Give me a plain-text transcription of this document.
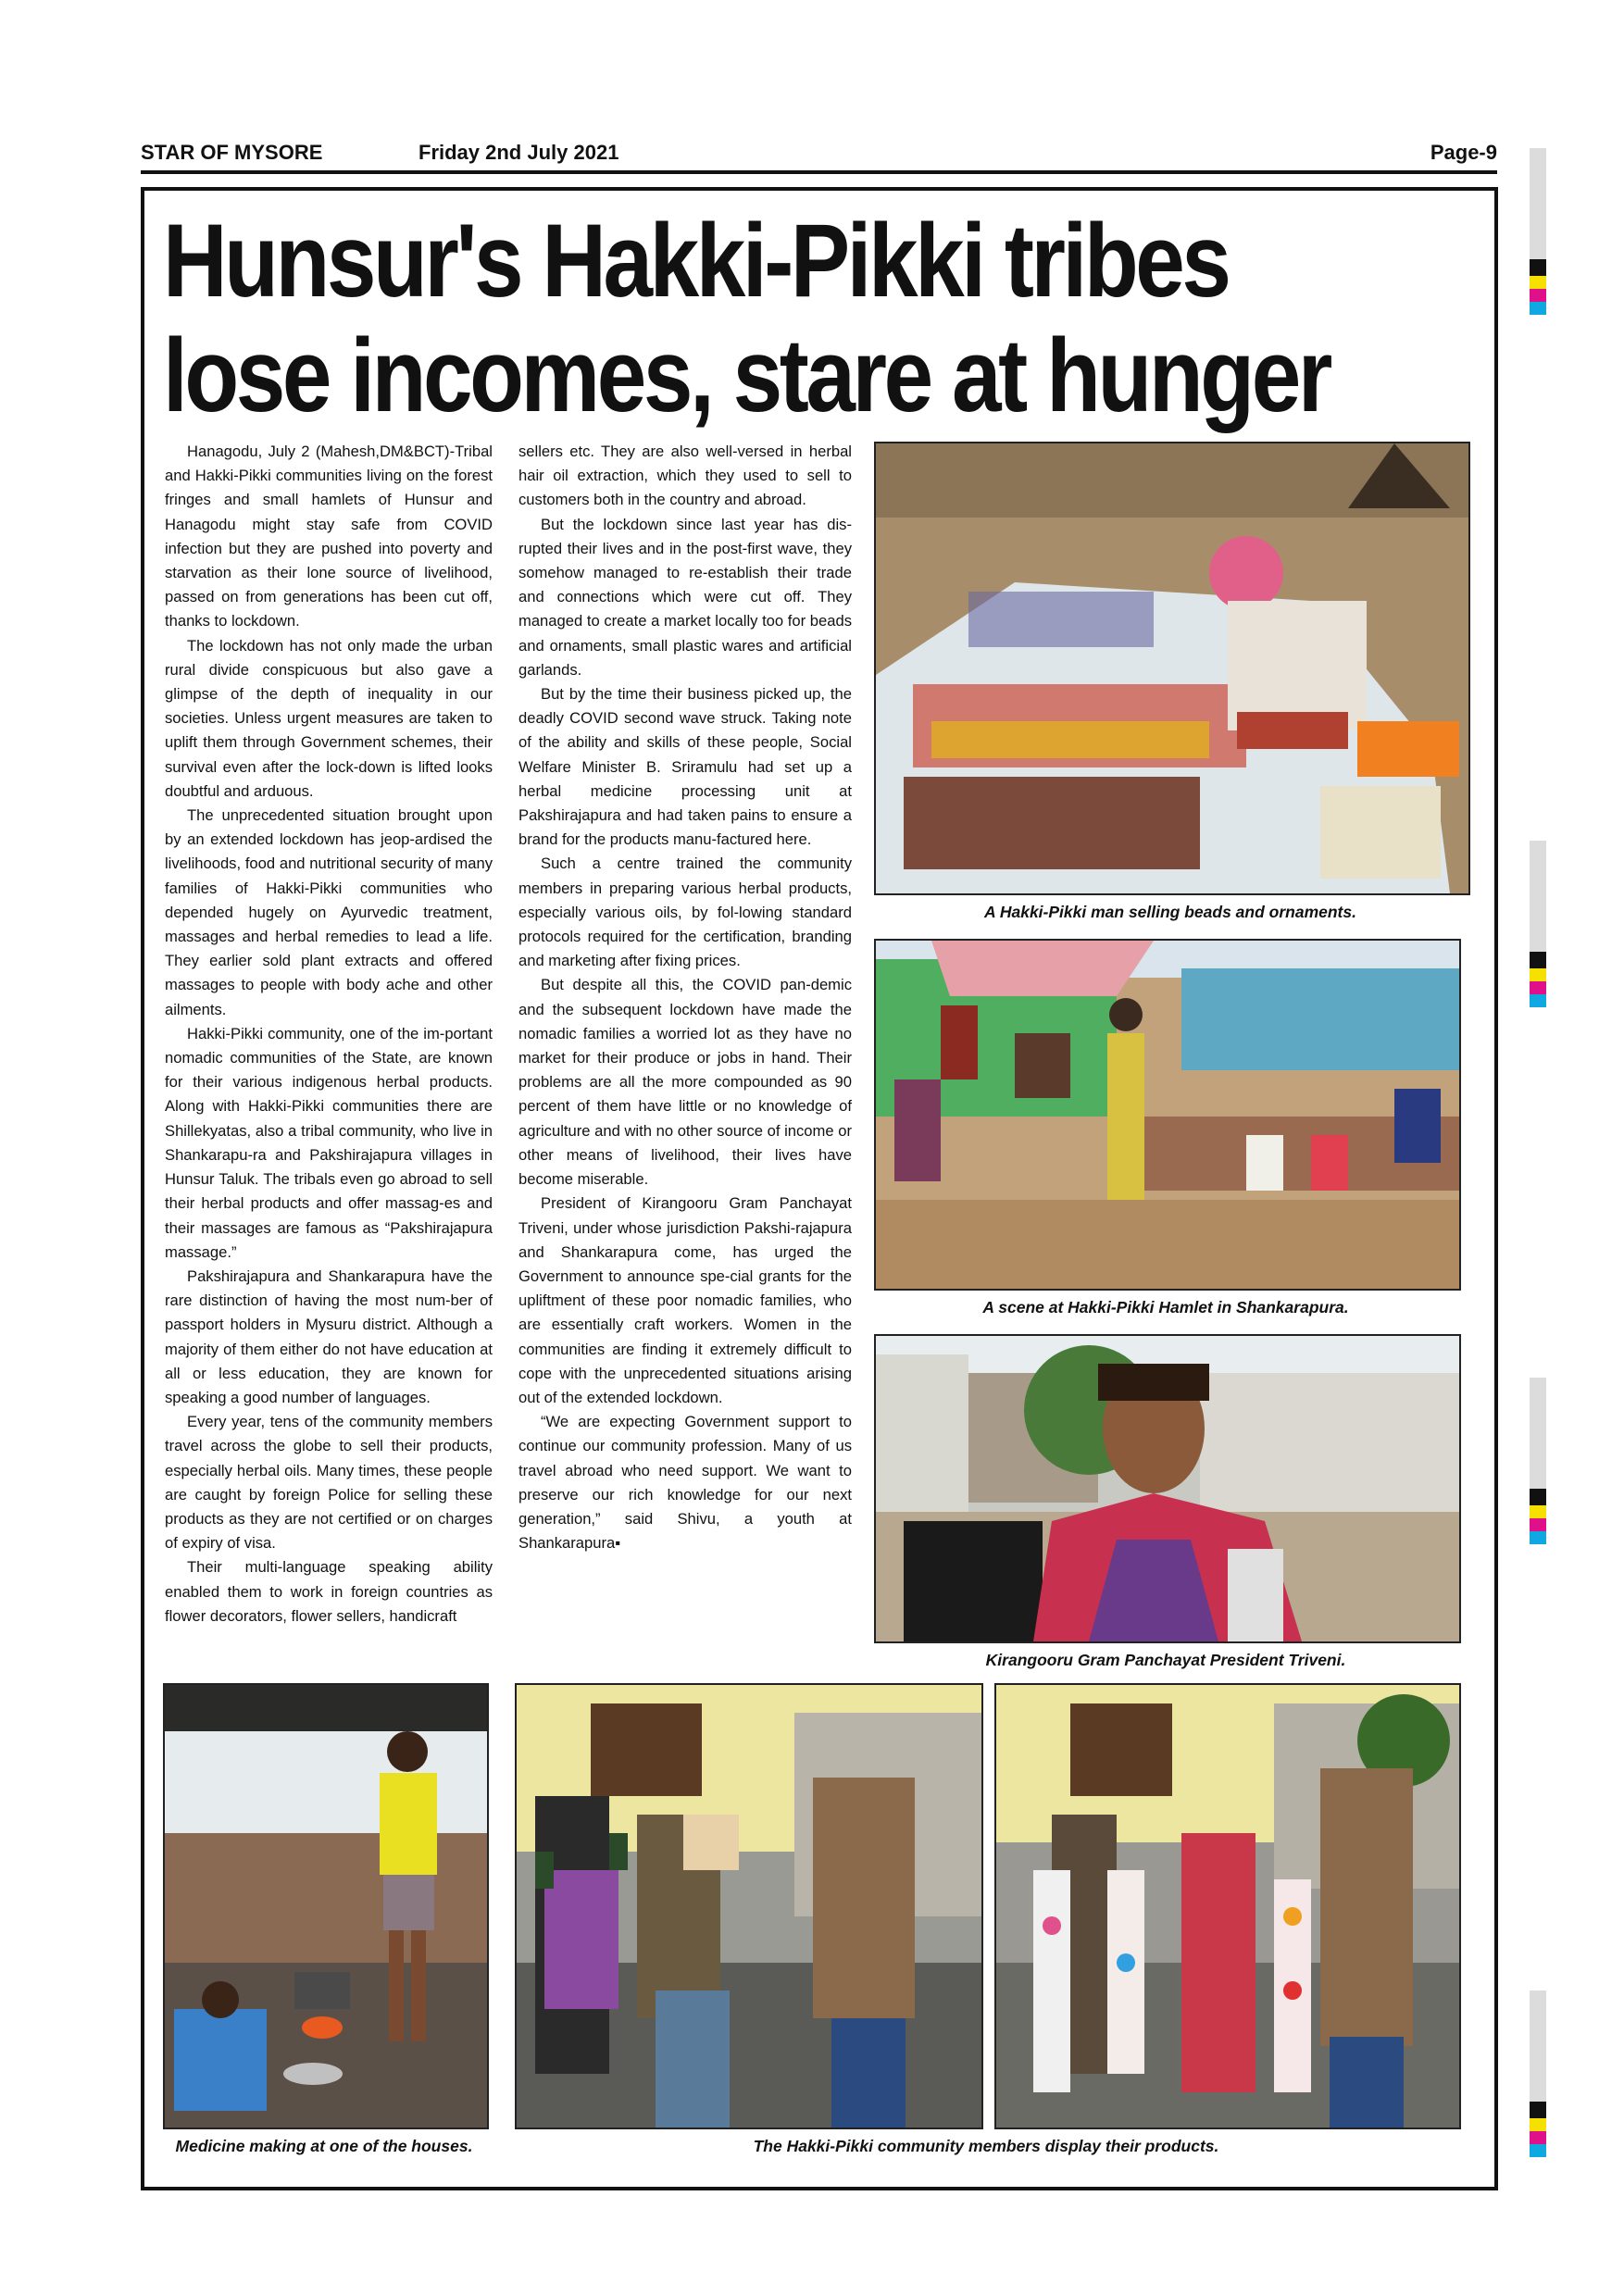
STAR OF MYSORE	Friday 2nd July 2021	Page-9
Hunsur's Hakki-Pikki tribes
lose incomes, stare at hunger

Hanagodu, July 2 (Mahesh,DM&BCT)-Tribal and Hakki-Pikki communities living on the forest fringes and small hamlets of Hunsur and Hanagodu might stay safe from COVID infection but they are pushed into poverty and starvation as their lone source of livelihood, passed on from generations has been cut off, thanks to lockdown.

The lockdown has not only made the urban rural divide conspicuous but also gave a glimpse of the depth of inequality in our societies. Unless urgent measures are taken to uplift them through Government schemes, their survival even after the lock-down is lifted looks doubtful and arduous.

The unprecedented situation brought upon by an extended lockdown has jeop-ardised the livelihoods, food and nutritional security of many families of Hakki-Pikki communities who depended hugely on Ayurvedic treatment, massages and herbal remedies to lead a life. They earlier sold plant extracts and offered massages to people with body ache and other ailments.

Hakki-Pikki community, one of the im-portant nomadic communities of the State, are known for their various indigenous herbal products. Along with Hakki-Pikki communities there are Shillekyatas, also a tribal community, who live in Shankarapu-ra and Pakshirajapura villages in Hunsur Taluk. The tribals even go abroad to sell their herbal products and offer massag-es and their massages are famous as “Pakshirajapura massage.”

Pakshirajapura and Shankarapura have the rare distinction of having the most num-ber of passport holders in Mysuru district. Although a majority of them either do not have education at all or less education, they are known for speaking a good number of languages.

Every year, tens of the community members travel across the globe to sell their products, especially herbal oils. Many times, these people are caught by foreign Police for selling these products as they are not certified or on charges of expiry of visa.

Their multi-language speaking ability enabled them to work in foreign countries as flower decorators, flower sellers, handicraft

sellers etc. They are also well-versed in herbal hair oil extraction, which they used to sell to customers both in the country and abroad.

But the lockdown since last year has dis-rupted their lives and in the post-first wave, they somehow managed to re-establish their trade and connections which were cut off. They managed to create a market locally too for beads and ornaments, small plastic wares and artificial garlands.

But by the time their business picked up, the deadly COVID second wave struck. Taking note of the ability and skills of these people, Social Welfare Minister B. Sriramulu had set up a herbal medicine processing unit at Pakshirajapura and had taken pains to ensure a brand for the products manu-factured here.

Such a centre trained the community members in preparing various herbal products, especially various oils, by fol-lowing standard protocols required for the certification, branding and marketing after fixing prices.

But despite all this, the COVID pan-demic and the subsequent lockdown have made the nomadic families a worried lot as they have no market for their produce or jobs in hand. Their problems are all the more compounded as 90 percent of them have little or no knowledge of agriculture and with no other source of income or other means of livelihood, their lives have become miserable.

President of Kirangooru Gram Panchayat Triveni, under whose jurisdiction Pakshi-rajapura and Shankarapura come, has urged the Government to announce spe-cial grants for the upliftment of these poor nomadic families, who are essentially craft workers. Women in the communities are finding it extremely difficult to cope with the unprecedented situations arising out of the extended lockdown.

“We are expecting Government support to continue our community profession. Many of us travel abroad who need support. We want to preserve our rich knowledge for our next generation,” said Shivu, a youth at Shankarapura▪

A Hakki-Pikki man selling beads and ornaments.
A scene at Hakki-Pikki Hamlet in Shankarapura.
Kirangooru Gram Panchayat President Triveni.
Medicine making at one of the houses.	The Hakki-Pikki community members display their products.
